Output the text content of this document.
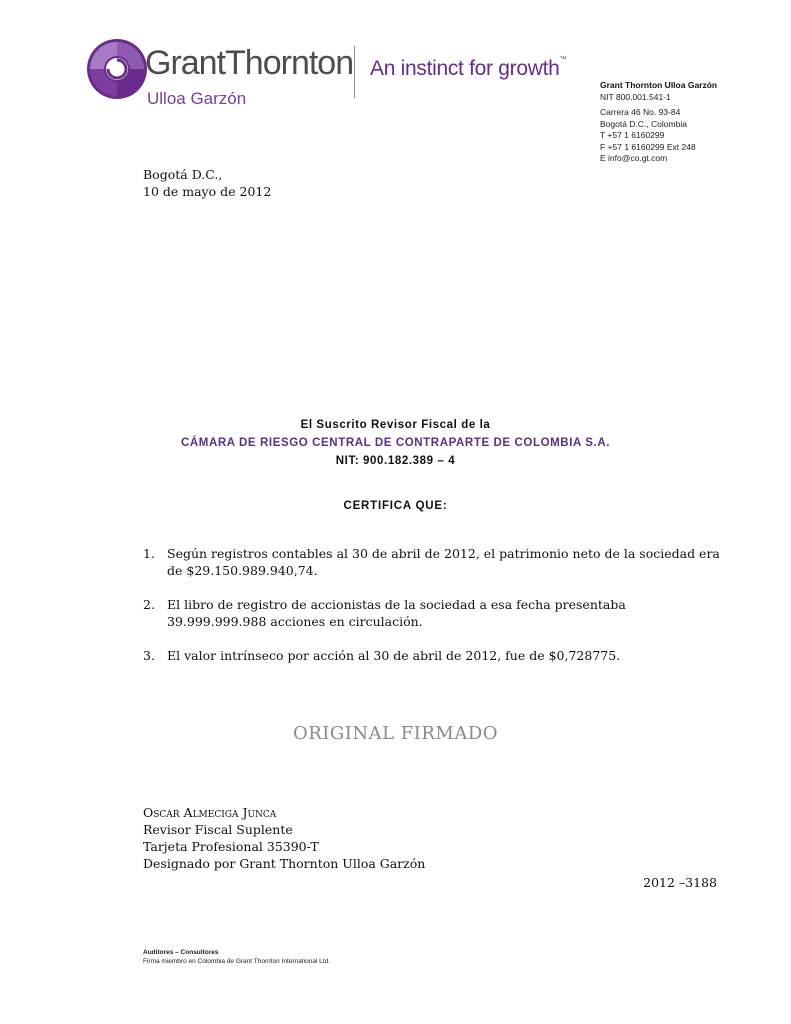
GrantThornton
Ulloa Garzón
An instinct for growth™
Grant Thornton Ulloa Garzón
NIT 800.001.541-1
Carrera 46 No. 93-84
Bogotá D.C., Colombia
T +57 1 6160299
F +57 1 6160299 Ext 248
E info@co.gt.com
Bogotá D.C.,
10 de mayo de 2012
El Suscrito Revisor Fiscal de la
CÁMARA DE RIESGO CENTRAL DE CONTRAPARTE DE COLOMBIA S.A.
NIT: 900.182.389 – 4
CERTIFICA QUE:
1. Según registros contables al 30 de abril de 2012, el patrimonio neto de la sociedad era de $29.150.989.940,74.
2. El libro de registro de accionistas de la sociedad a esa fecha presentaba 39.999.999.988 acciones en circulación.
3. El valor intrínseco por acción al 30 de abril de 2012, fue de $0,728775.
ORIGINAL FIRMADO
Oscar Almeciga Junca
Revisor Fiscal Suplente
Tarjeta Profesional 35390-T
Designado por Grant Thornton Ulloa Garzón
2012 –3188
Auditores – Consultores
Firma miembro en Colombia de Grant Thornton International Ltd.
